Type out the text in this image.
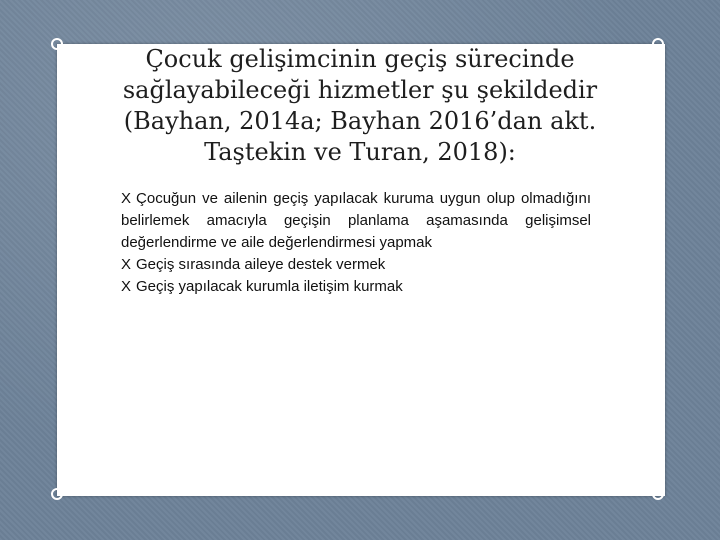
Çocuk gelişimcinin geçiş sürecinde
sağlayabileceği hizmetler şu şekildedir
(Bayhan, 2014a; Bayhan 2016’dan akt.
Taştekin ve Turan, 2018):

X Çocuğun ve ailenin geçiş yapılacak kuruma uygun olup olmadığını belirlemek amacıyla geçişin planlama aşamasında gelişimsel değerlendirme ve aile değerlendirmesi yapmak

X Geçiş sırasında aileye destek vermek

X Geçiş yapılacak kurumla iletişim kurmak
